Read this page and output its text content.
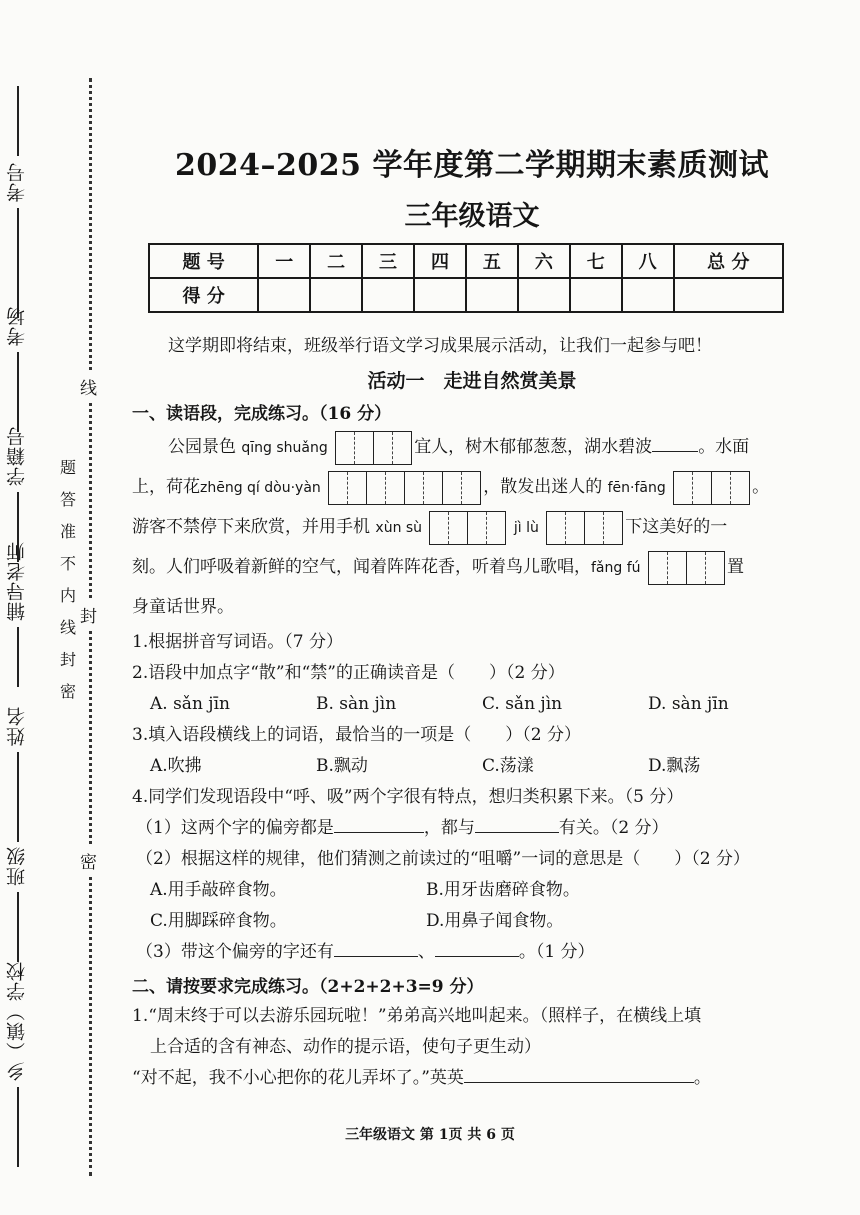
考号
考场
学籍号
辅导老师
姓名
班级
乡（镇）学校
题
答
准
不
内
线
封
密
线
封
密
2024–2025 学年度第二学期期末素质测试
三年级语文
题 号	一	二	三	四	五	六	七	八	总 分
得 分									
这学期即将结束，班级举行语文学习成果展示活动，让我们一起参与吧！
活动一　走进自然赏美景
一、读语段，完成练习。（16 分）
公园景色 qīng shuǎng	宜人，树木郁郁葱葱，湖水碧波	。水面
上，荷花zhēng qí dòu·yàn	，散发出迷人的 fēn·fāng	。
游客不禁停下来欣赏，并用手机 xùn sù	jì lù	下这美好的一
刻。人们呼吸着新鲜的空气，闻着阵阵花香，听着鸟儿歌唱，fǎng fú	置
身童话世界。
1.根据拼音写词语。（7 分）
2.语段中加点字“散”和“禁”的正确读音是（　　）（2 分）
A. sǎn jīn	B. sàn jìn	C. sǎn jìn	D. sàn jīn
3.填入语段横线上的词语，最恰当的一项是（　　）（2 分）
A.吹拂	B.飘动	C.荡漾	D.飘荡
4.同学们发现语段中“呼、吸”两个字很有特点，想归类积累下来。（5 分）
（1）这两个字的偏旁都是	，都与	有关。（2 分）
（2）根据这样的规律，他们猜测之前读过的“咀嚼”一词的意思是（　　）（2 分）
A.用手敲碎食物。	B.用牙齿磨碎食物。
C.用脚踩碎食物。	D.用鼻子闻食物。
（3）带这个偏旁的字还有	、	。（1 分）
二、请按要求完成练习。（2+2+2+3=9 分）
1.“周末终于可以去游乐园玩啦！”弟弟高兴地叫起来。（照样子，在横线上填
上合适的含有神态、动作的提示语，使句子更生动）
“对不起，我不小心把你的花儿弄坏了。”英英	。
三年级语文 第 1页 共 6 页
